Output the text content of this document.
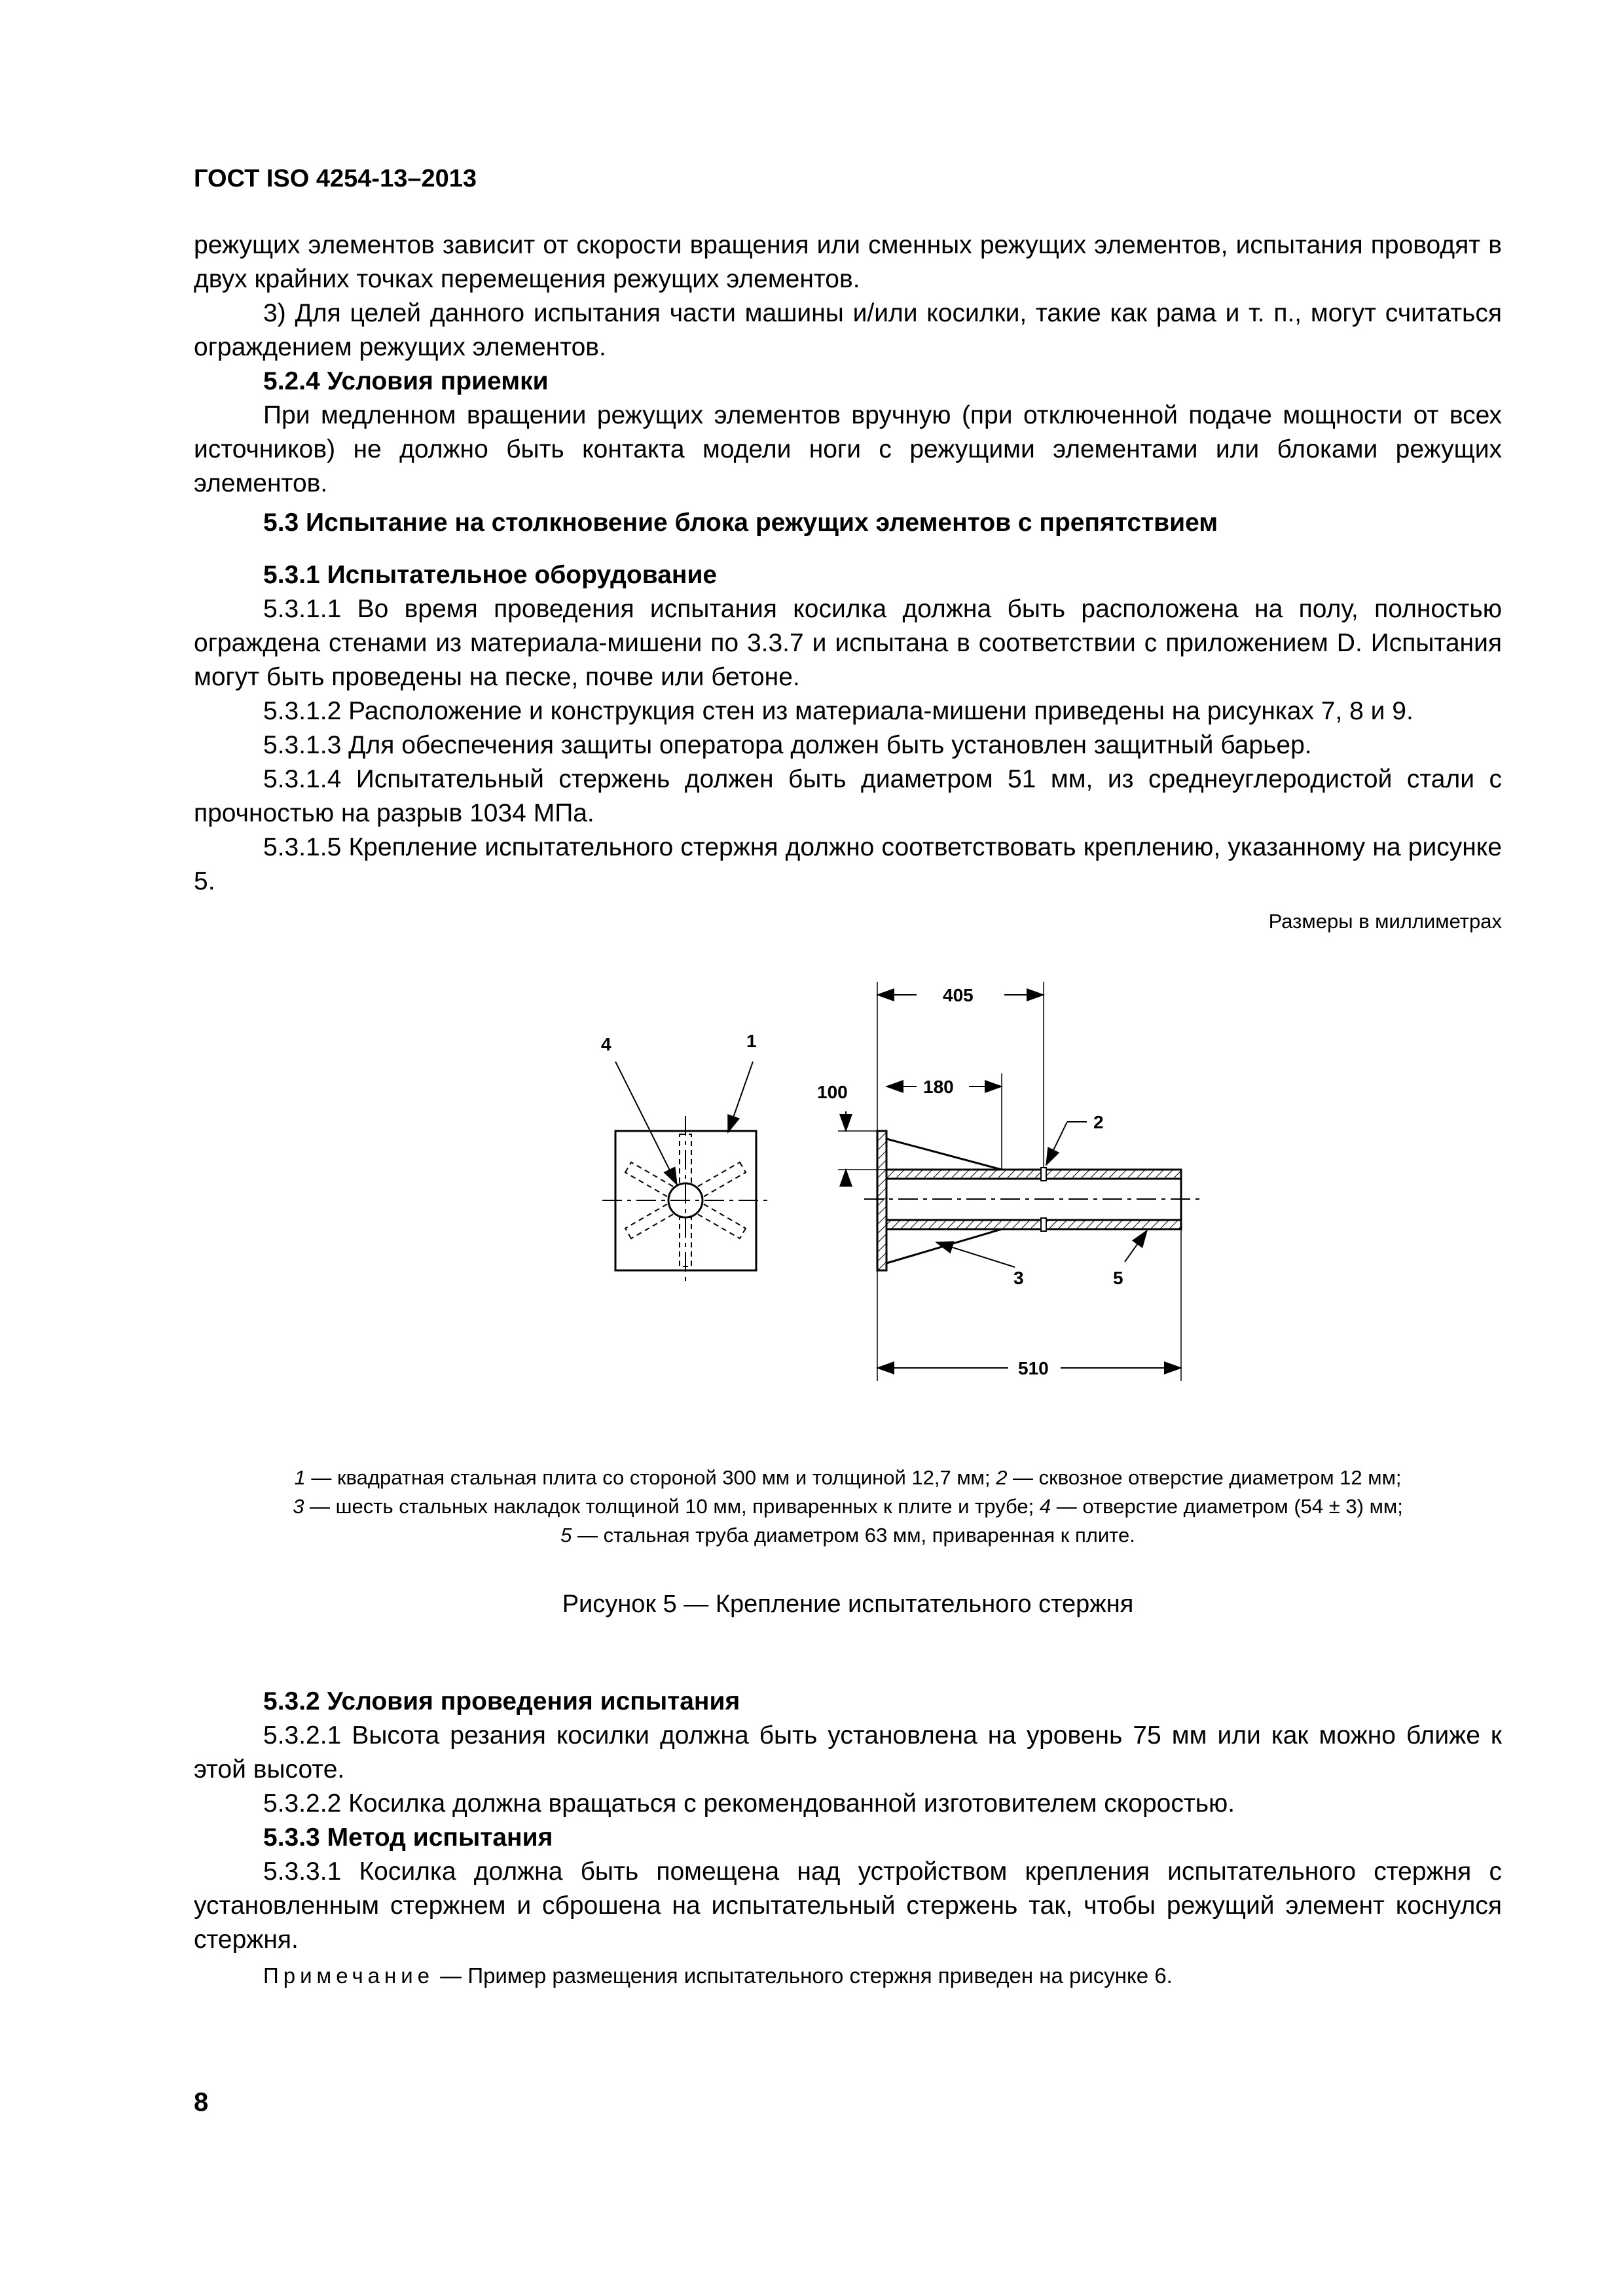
ГОСТ ISO 4254-13–2013
режущих элементов зависит от скорости вращения или сменных режущих элементов, испытания проводят в двух крайних точках перемещения режущих элементов.
3) Для целей данного испытания части машины и/или косилки, такие как рама и т. п., могут считаться ограждением режущих элементов.
5.2.4 Условия приемки
При медленном вращении режущих элементов вручную (при отключенной подаче мощности от всех источников) не должно быть контакта модели ноги с режущими элементами или блоками режущих элементов.
5.3 Испытание на столкновение блока режущих элементов с препятствием
5.3.1 Испытательное оборудование
5.3.1.1 Во время проведения испытания косилка должна быть расположена на полу, полностью ограждена стенами из материала-мишени по 3.3.7 и испытана в соответствии с приложением D. Испытания могут быть проведены на песке, почве или бетоне.
5.3.1.2 Расположение и конструкция стен из материала-мишени приведены на рисунках 7, 8 и 9.
5.3.1.3 Для обеспечения защиты оператора должен быть установлен защитный барьер.
5.3.1.4 Испытательный стержень должен быть диаметром 51 мм, из среднеуглеродистой стали с прочностью на разрыв 1034 МПа.
5.3.1.5 Крепление испытательного стержня должно соответствовать креплению, указанному на рисунке 5.
Размеры в миллиметрах
4	1
405
180
100
510
2
3	5
1 — квадратная стальная плита со стороной 300 мм и толщиной 12,7 мм; 2 — сквозное отверстие диаметром 12 мм;
3 — шесть стальных накладок толщиной 10 мм, приваренных к плите и трубе; 4 — отверстие диаметром (54 ± 3) мм;
5 — стальная труба диаметром 63 мм, приваренная к плите.
Рисунок 5 — Крепление испытательного стержня
5.3.2 Условия проведения испытания
5.3.2.1 Высота резания косилки должна быть установлена на уровень 75 мм или как можно ближе к этой высоте.
5.3.2.2 Косилка должна вращаться с рекомендованной изготовителем скоростью.
5.3.3 Метод испытания
5.3.3.1 Косилка должна быть помещена над устройством крепления испытательного стержня с установленным стержнем и сброшена на испытательный стержень так, чтобы режущий элемент коснулся стержня.
Примечание — Пример размещения испытательного стержня приведен на рисунке 6.
8
